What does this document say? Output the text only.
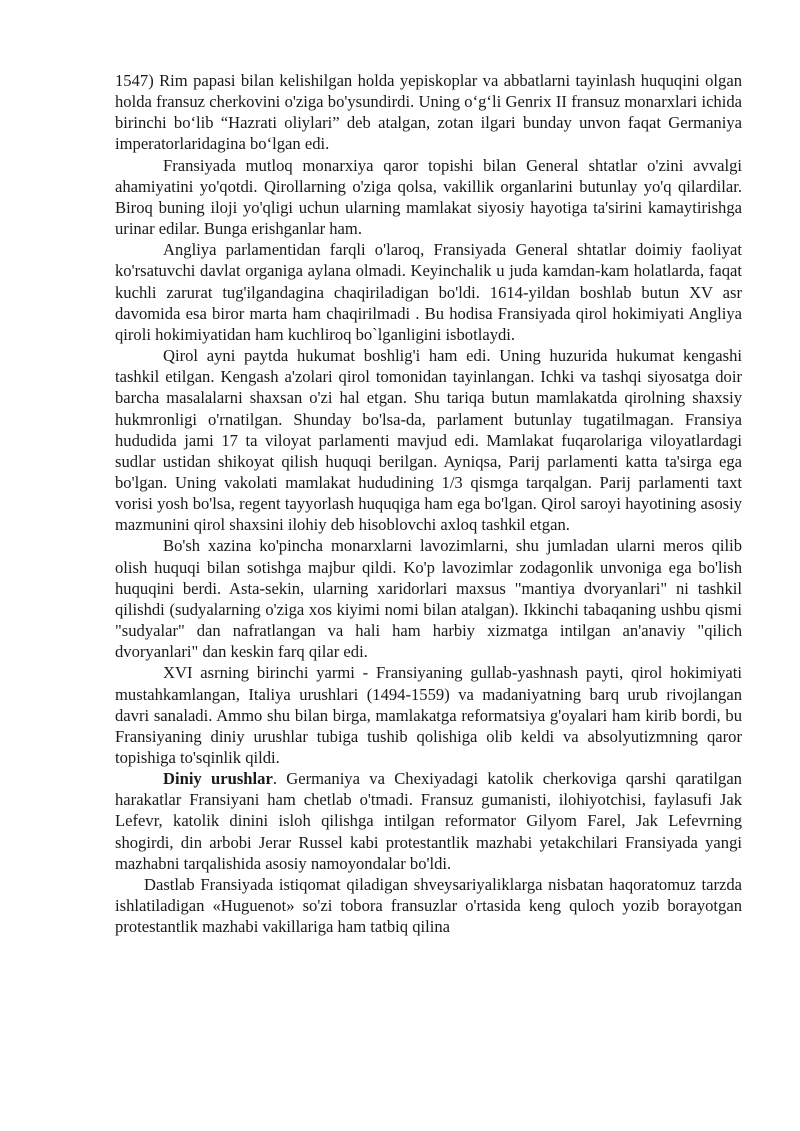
1547) Rim papasi bilan kelishilgan holda yepiskoplar va abbatlarni tayinlash huquqini olgan holda fransuz cherkovini o'ziga bo'ysundirdi. Uning o‘g‘li Genrix II fransuz monarxlari ichida birinchi bo‘lib “Hazrati oliylari” deb atalgan, zotan ilgari bunday unvon faqat Germaniya imperatorlaridagina bo‘lgan edi.

Fransiyada mutloq monarxiya qaror topishi bilan General shtatlar o'zini avvalgi ahamiyatini yo'qotdi. Qirollarning o'ziga qolsa, vakillik organlarini butunlay yo'q qilardilar. Biroq buning iloji yo'qligi uchun ularning mamlakat siyosiy hayotiga ta'sirini kamaytirishga urinar edilar. Bunga erishganlar ham.

Angliya parlamentidan farqli o'laroq, Fransiyada General shtatlar doimiy faoliyat ko'rsatuvchi davlat organiga aylana olmadi. Keyinchalik u juda kamdan-kam holatlarda, faqat kuchli zarurat tug'ilgandagina chaqiriladigan bo'ldi. 1614-yildan boshlab butun XV asr davomida esa biror marta ham chaqirilmadi . Bu hodisa Fransiyada qirol hokimiyati Angliya qiroli hokimiyatidan ham kuchliroq bo`lganligini isbotlaydi.

Qirol ayni paytda hukumat boshlig'i ham edi. Uning huzurida hukumat kengashi tashkil etilgan. Kengash a'zolari qirol tomonidan tayinlangan. Ichki va tashqi siyosatga doir barcha masalalarni shaxsan o'zi hal etgan. Shu tariqa butun mamlakatda qirolning shaxsiy hukmronligi o'rnatilgan. Shunday bo'lsa-da, parlament butunlay tugatilmagan. Fransiya hududida jami 17 ta viloyat parlamenti mavjud edi. Mamlakat fuqarolariga viloyatlardagi sudlar ustidan shikoyat qilish huquqi berilgan. Ayniqsa, Parij parlamenti katta ta'sirga ega bo'lgan. Uning vakolati mamlakat hududining 1/3 qismga tarqalgan. Parij parlamenti taxt vorisi yosh bo'lsa, regent tayyorlash huquqiga ham ega bo'lgan. Qirol saroyi hayotining asosiy mazmunini qirol shaxsini ilohiy deb hisoblovchi axloq tashkil etgan.

Bo'sh xazina ko'pincha monarxlarni lavozimlarni, shu jumladan ularni meros qilib olish huquqi bilan sotishga majbur qildi. Ko'p lavozimlar zodagonlik unvoniga ega bo'lish huquqini berdi. Asta-sekin, ularning xaridorlari maxsus "mantiya dvoryanlari" ni tashkil qilishdi (sudyalarning o'ziga xos kiyimi nomi bilan atalgan). Ikkinchi tabaqaning ushbu qismi "sudyalar" dan nafratlangan va hali ham harbiy xizmatga intilgan an'anaviy "qilich dvoryanlari" dan keskin farq qilar edi.

XVI asrning birinchi yarmi - Fransiyaning gullab-yashnash payti, qirol hokimiyati mustahkamlangan, Italiya urushlari (1494-1559) va madaniyatning barq urub rivojlangan davri sanaladi. Ammo shu bilan birga, mamlakatga reformatsiya g'oyalari ham kirib bordi, bu Fransiyaning diniy urushlar tubiga tushib qolishiga olib keldi va absolyutizmning qaror topishiga to'sqinlik qildi.

Diniy urushlar. Germaniya va Chexiyadagi katolik cherkoviga qarshi qaratilgan harakatlar Fransiyani ham chetlab o'tmadi. Fransuz gumanisti, ilohiyotchisi, faylasufi Jak Lefevr, katolik dinini isloh qilishga intilgan reformator Gilyom Farel, Jak Lefevrning shogirdi, din arbobi Jerar Russel kabi protestantlik mazhabi yetakchilari Fransiyada yangi mazhabni tarqalishida asosiy namoyondalar bo'ldi.

Dastlab Fransiyada istiqomat qiladigan shveysariyaliklarga nisbatan haqoratomuz tarzda ishlatiladigan «Huguenot» so'zi tobora fransuzlar o'rtasida keng quloch yozib borayotgan protestantlik mazhabi vakillariga ham tatbiq qilina
